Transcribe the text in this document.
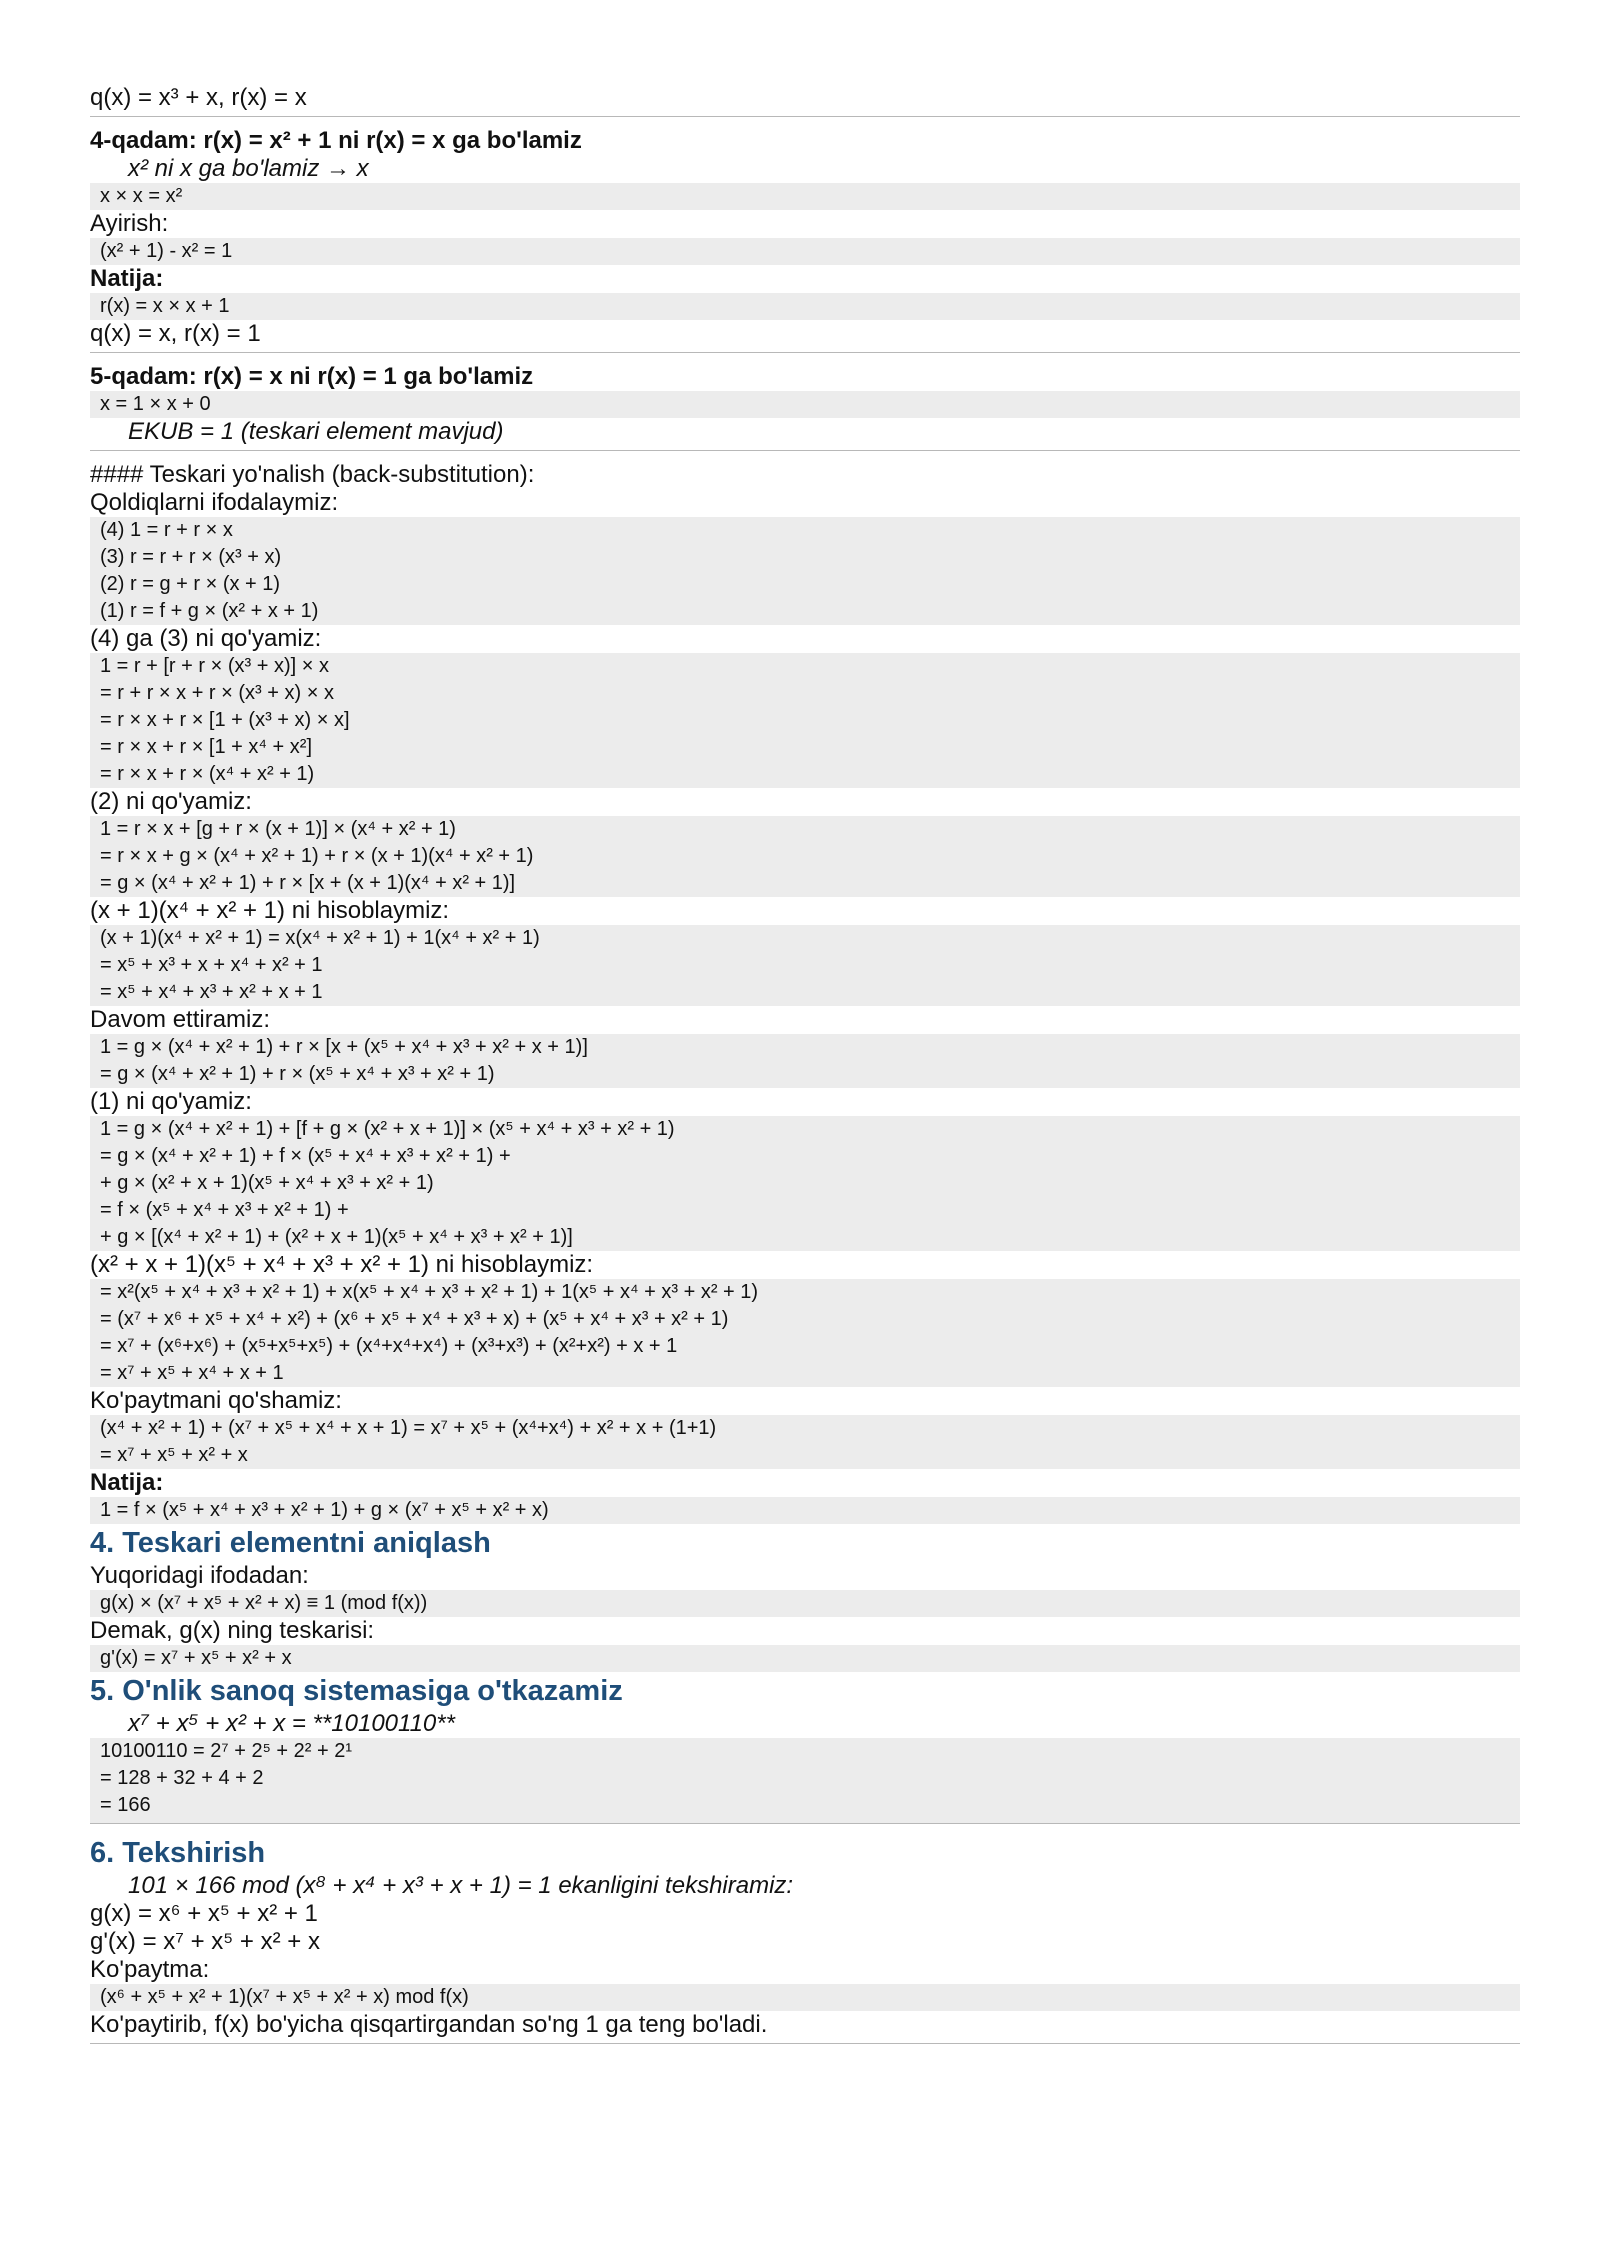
q(x) = x³ + x, r(x) = x
4-qadam: r(x) = x² + 1 ni r(x) = x ga bo'lamiz
x² ni x ga bo'lamiz → x
x × x = x²
Ayirish:
(x² + 1) - x² = 1
Natija:
r(x) = x × x + 1
q(x) = x, r(x) = 1
5-qadam: r(x) = x ni r(x) = 1 ga bo'lamiz
x = 1 × x + 0
EKUB = 1 (teskari element mavjud)
#### Teskari yo'nalish (back-substitution):
Qoldiqlarni ifodalaymiz:
(4) 1 = r + r × x
(3) r = r + r × (x³ + x)
(2) r = g + r × (x + 1)
(1) r = f + g × (x² + x + 1)
(4) ga (3) ni qo'yamiz:
1 = r + [r + r × (x³ + x)] × x
= r + r × x + r × (x³ + x) × x
= r × x + r × [1 + (x³ + x) × x]
= r × x + r × [1 + x⁴ + x²]
= r × x + r × (x⁴ + x² + 1)
(2) ni qo'yamiz:
1 = r × x + [g + r × (x + 1)] × (x⁴ + x² + 1)
= r × x + g × (x⁴ + x² + 1) + r × (x + 1)(x⁴ + x² + 1)
= g × (x⁴ + x² + 1) + r × [x + (x + 1)(x⁴ + x² + 1)]
(x + 1)(x⁴ + x² + 1) ni hisoblaymiz:
(x + 1)(x⁴ + x² + 1) = x(x⁴ + x² + 1) + 1(x⁴ + x² + 1)
= x⁵ + x³ + x + x⁴ + x² + 1
= x⁵ + x⁴ + x³ + x² + x + 1
Davom ettiramiz:
1 = g × (x⁴ + x² + 1) + r × [x + (x⁵ + x⁴ + x³ + x² + x + 1)]
= g × (x⁴ + x² + 1) + r × (x⁵ + x⁴ + x³ + x² + 1)
(1) ni qo'yamiz:
1 = g × (x⁴ + x² + 1) + [f + g × (x² + x + 1)] × (x⁵ + x⁴ + x³ + x² + 1)
= g × (x⁴ + x² + 1) + f × (x⁵ + x⁴ + x³ + x² + 1) +
+ g × (x² + x + 1)(x⁵ + x⁴ + x³ + x² + 1)
= f × (x⁵ + x⁴ + x³ + x² + 1) +
+ g × [(x⁴ + x² + 1) + (x² + x + 1)(x⁵ + x⁴ + x³ + x² + 1)]
(x² + x + 1)(x⁵ + x⁴ + x³ + x² + 1) ni hisoblaymiz:
= x²(x⁵ + x⁴ + x³ + x² + 1) + x(x⁵ + x⁴ + x³ + x² + 1) + 1(x⁵ + x⁴ + x³ + x² + 1)
= (x⁷ + x⁶ + x⁵ + x⁴ + x²) + (x⁶ + x⁵ + x⁴ + x³ + x) + (x⁵ + x⁴ + x³ + x² + 1)
= x⁷ + (x⁶+x⁶) + (x⁵+x⁵+x⁵) + (x⁴+x⁴+x⁴) + (x³+x³) + (x²+x²) + x + 1
= x⁷ + x⁵ + x⁴ + x + 1
Ko'paytmani qo'shamiz:
(x⁴ + x² + 1) + (x⁷ + x⁵ + x⁴ + x + 1) = x⁷ + x⁵ + (x⁴+x⁴) + x² + x + (1+1)
= x⁷ + x⁵ + x² + x
Natija:
1 = f × (x⁵ + x⁴ + x³ + x² + 1) + g × (x⁷ + x⁵ + x² + x)
4. Teskari elementni aniqlash
Yuqoridagi ifodadan:
g(x) × (x⁷ + x⁵ + x² + x) ≡ 1 (mod f(x))
Demak, g(x) ning teskarisi:
g'(x) = x⁷ + x⁵ + x² + x
5. O'nlik sanoq sistemasiga o'tkazamiz
x⁷ + x⁵ + x² + x = **10100110**
10100110 = 2⁷ + 2⁵ + 2² + 2¹
= 128 + 32 + 4 + 2
= 166
6. Tekshirish
101 × 166 mod (x⁸ + x⁴ + x³ + x + 1) = 1 ekanligini tekshiramiz:
g(x) = x⁶ + x⁵ + x² + 1
g'(x) = x⁷ + x⁵ + x² + x
Ko'paytma:
(x⁶ + x⁵ + x² + 1)(x⁷ + x⁵ + x² + x) mod f(x)
Ko'paytirib, f(x) bo'yicha qisqartirgandan so'ng 1 ga teng bo'ladi.
